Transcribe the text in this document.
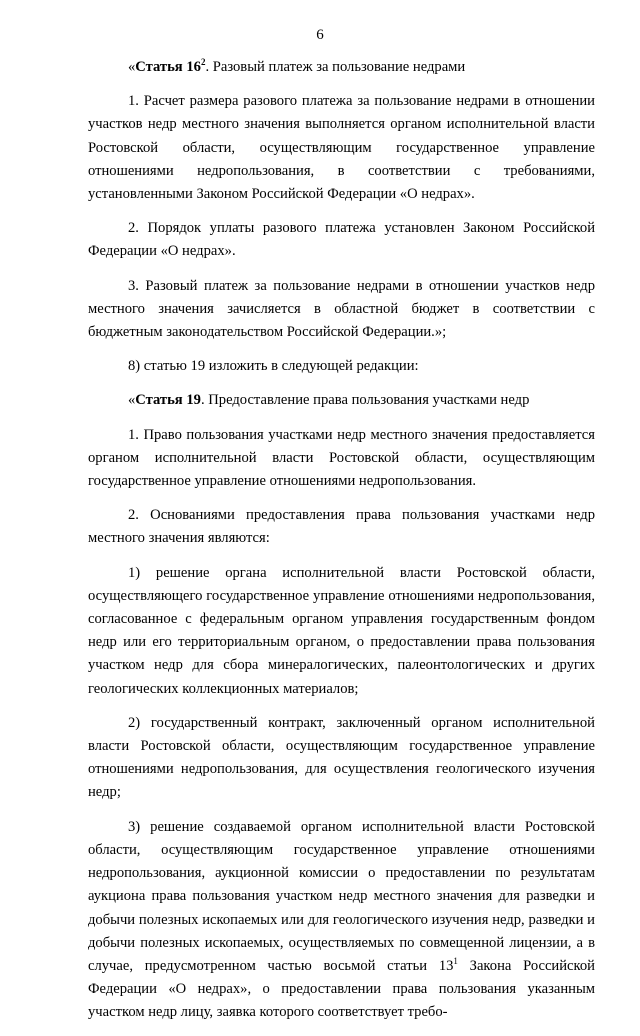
6

«Статья $16^2$. Разовый платеж за пользование недрами

1. Расчет размера разового платежа за пользование недрами в отношении участков недр местного значения выполняется органом исполнительной власти Ростовской области, осуществляющим государственное управление отношениями недропользования, в соответствии с требованиями, установленными Законом Российской Федерации «О недрах».

2. Порядок уплаты разового платежа установлен Законом Российской Федерации «О недрах».

3. Разовый платеж за пользование недрами в отношении участков недр местного значения зачисляется в областной бюджет в соответствии с бюджетным законодательством Российской Федерации.»;

8) статью 19 изложить в следующей редакции:

«Статья 19. Предоставление права пользования участками недр

1. Право пользования участками недр местного значения предоставляется органом исполнительной власти Ростовской области, осуществляющим государственное управление отношениями недропользования.

2. Основаниями предоставления права пользования участками недр местного значения являются:

1) решение органа исполнительной власти Ростовской области, осуществляющего государственное управление отношениями недропользования, согласованное с федеральным органом управления государственным фондом недр или его территориальным органом, о предоставлении права пользования участком недр для сбора минералогических, палеонтологических и других геологических коллекционных материалов;

2) государственный контракт, заключенный органом исполнительной власти Ростовской области, осуществляющим государственное управление отношениями недропользования, для осуществления геологического изучения недр;

3) решение создаваемой органом исполнительной власти Ростовской области, осуществляющим государственное управление отношениями недропользования, аукционной комиссии о предоставлении по результатам аукциона права пользования участком недр местного значения для разведки и добычи полезных ископаемых или для геологического изучения недр, разведки и добычи полезных ископаемых, осуществляемых по совмещенной лицензии, а в случае, предусмотренном частью восьмой статьи $13^1$ Закона Российской Федерации «О недрах», о предоставлении права пользования указанным участком недр лицу, заявка которого соответствует требо-
